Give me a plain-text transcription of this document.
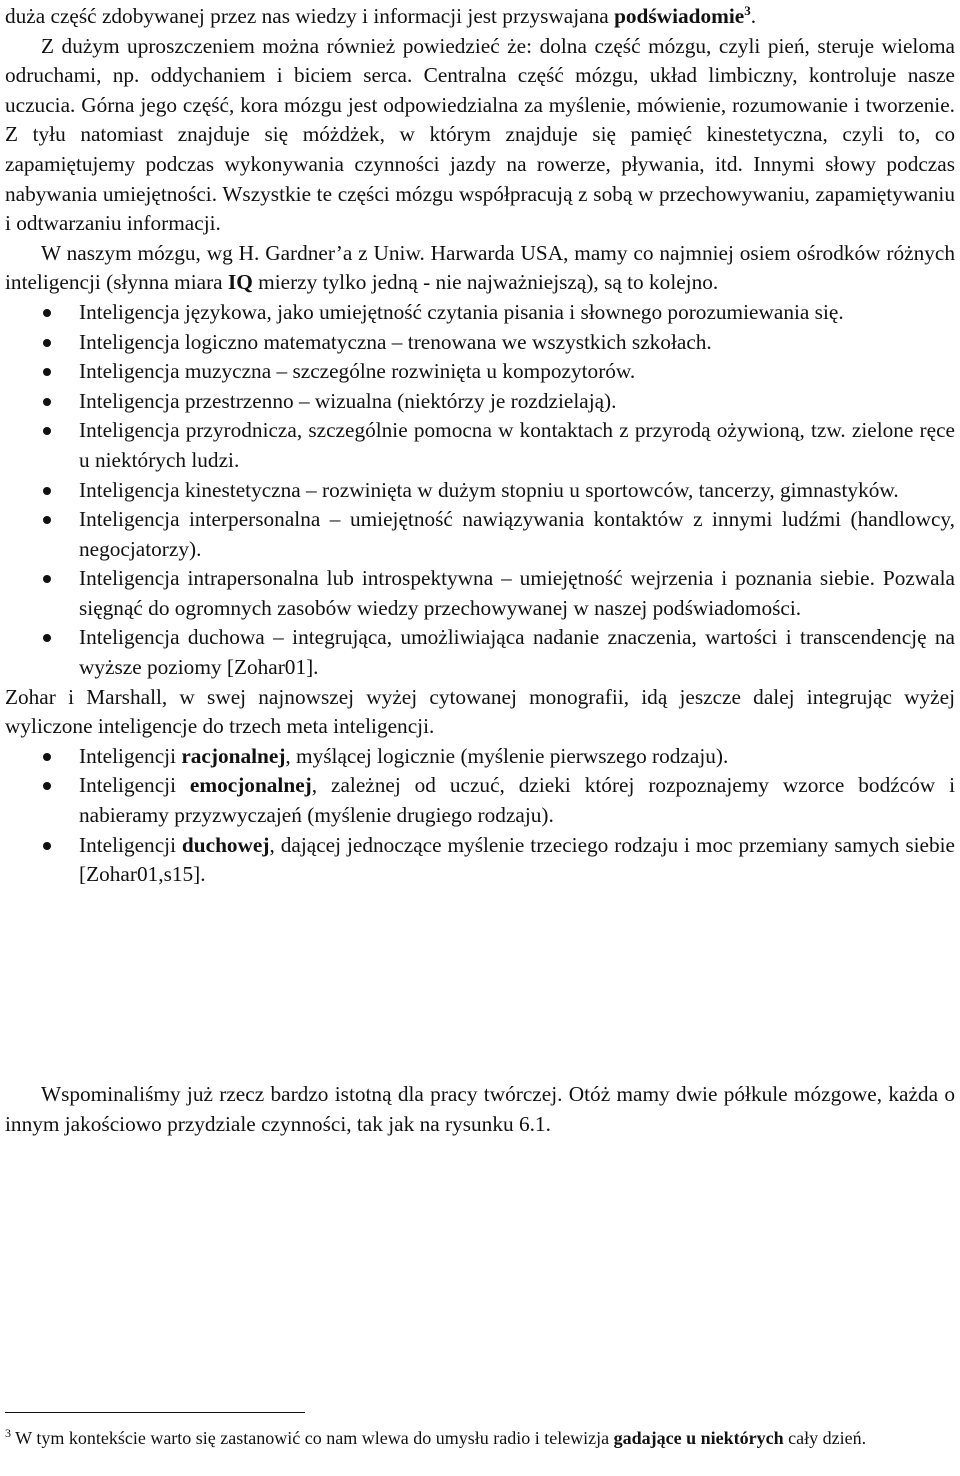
duża część zdobywanej przez nas wiedzy i informacji jest przyswajana podświadomie$^3$.

Z dużym uproszczeniem można również powiedzieć że: dolna część mózgu, czyli pień, steruje wieloma odruchami, np. oddychaniem i biciem serca. Centralna część mózgu, układ limbiczny, kontroluje nasze uczucia. Górna jego część, kora mózgu jest odpowiedzialna za myślenie, mówienie, rozumowanie i tworzenie. Z tyłu natomiast znajduje się móżdżek, w którym znajduje się pamięć kinestetyczna, czyli to, co zapamiętujemy podczas wykonywania czynności jazdy na rowerze, pływania, itd. Innymi słowy podczas nabywania umiejętności. Wszystkie te części mózgu współpracują z sobą w przechowywaniu, zapamiętywaniu i odtwarzaniu informacji.

W naszym mózgu, wg H. Gardner’a z Uniw. Harwarda USA, mamy co najmniej osiem ośrodków różnych inteligencji (słynna miara IQ mierzy tylko jedną - nie najważniejszą), są to kolejno.

Inteligencja językowa, jako umiejętność czytania pisania i słownego porozumiewania się.
Inteligencja logiczno matematyczna – trenowana we wszystkich szkołach.
Inteligencja muzyczna – szczególne rozwinięta u kompozytorów.
Inteligencja przestrzenno – wizualna (niektórzy je rozdzielają).
Inteligencja przyrodnicza, szczególnie pomocna w kontaktach z przyrodą ożywioną, tzw. zielone ręce u niektórych ludzi.
Inteligencja kinestetyczna – rozwinięta w dużym stopniu u sportowców, tancerzy, gimnastyków.
Inteligencja interpersonalna – umiejętność nawiązywania kontaktów z innymi ludźmi (handlowcy, negocjatorzy).
Inteligencja intrapersonalna lub introspektywna – umiejętność wejrzenia i poznania siebie. Pozwala sięgnąć do ogromnych zasobów wiedzy przechowywanej w naszej podświadomości.
Inteligencja duchowa – integrująca, umożliwiająca nadanie znaczenia, wartości i transcendencję na wyższe poziomy [Zohar01].

Zohar i Marshall, w swej najnowszej wyżej cytowanej monografii, idą jeszcze dalej integrując wyżej wyliczone inteligencje do trzech meta inteligencji.

Inteligencji racjonalnej, myślącej logicznie (myślenie pierwszego rodzaju).
Inteligencji emocjonalnej, zależnej od uczuć, dzieki której rozpoznajemy wzorce bodźców i nabieramy przyzwyczajeń (myślenie drugiego rodzaju).
Inteligencji duchowej, dającej jednoczące myślenie trzeciego rodzaju i moc przemiany samych siebie [Zohar01,s15].

Wspominaliśmy już rzecz bardzo istotną dla pracy twórczej. Otóż mamy dwie półkule mózgowe, każda o innym jakościowo przydziale czynności, tak jak na rysunku 6.1.

$^3$ W tym kontekście warto się zastanowić co nam wlewa do umysłu radio i telewizja gadające u niektórych cały dzień.
